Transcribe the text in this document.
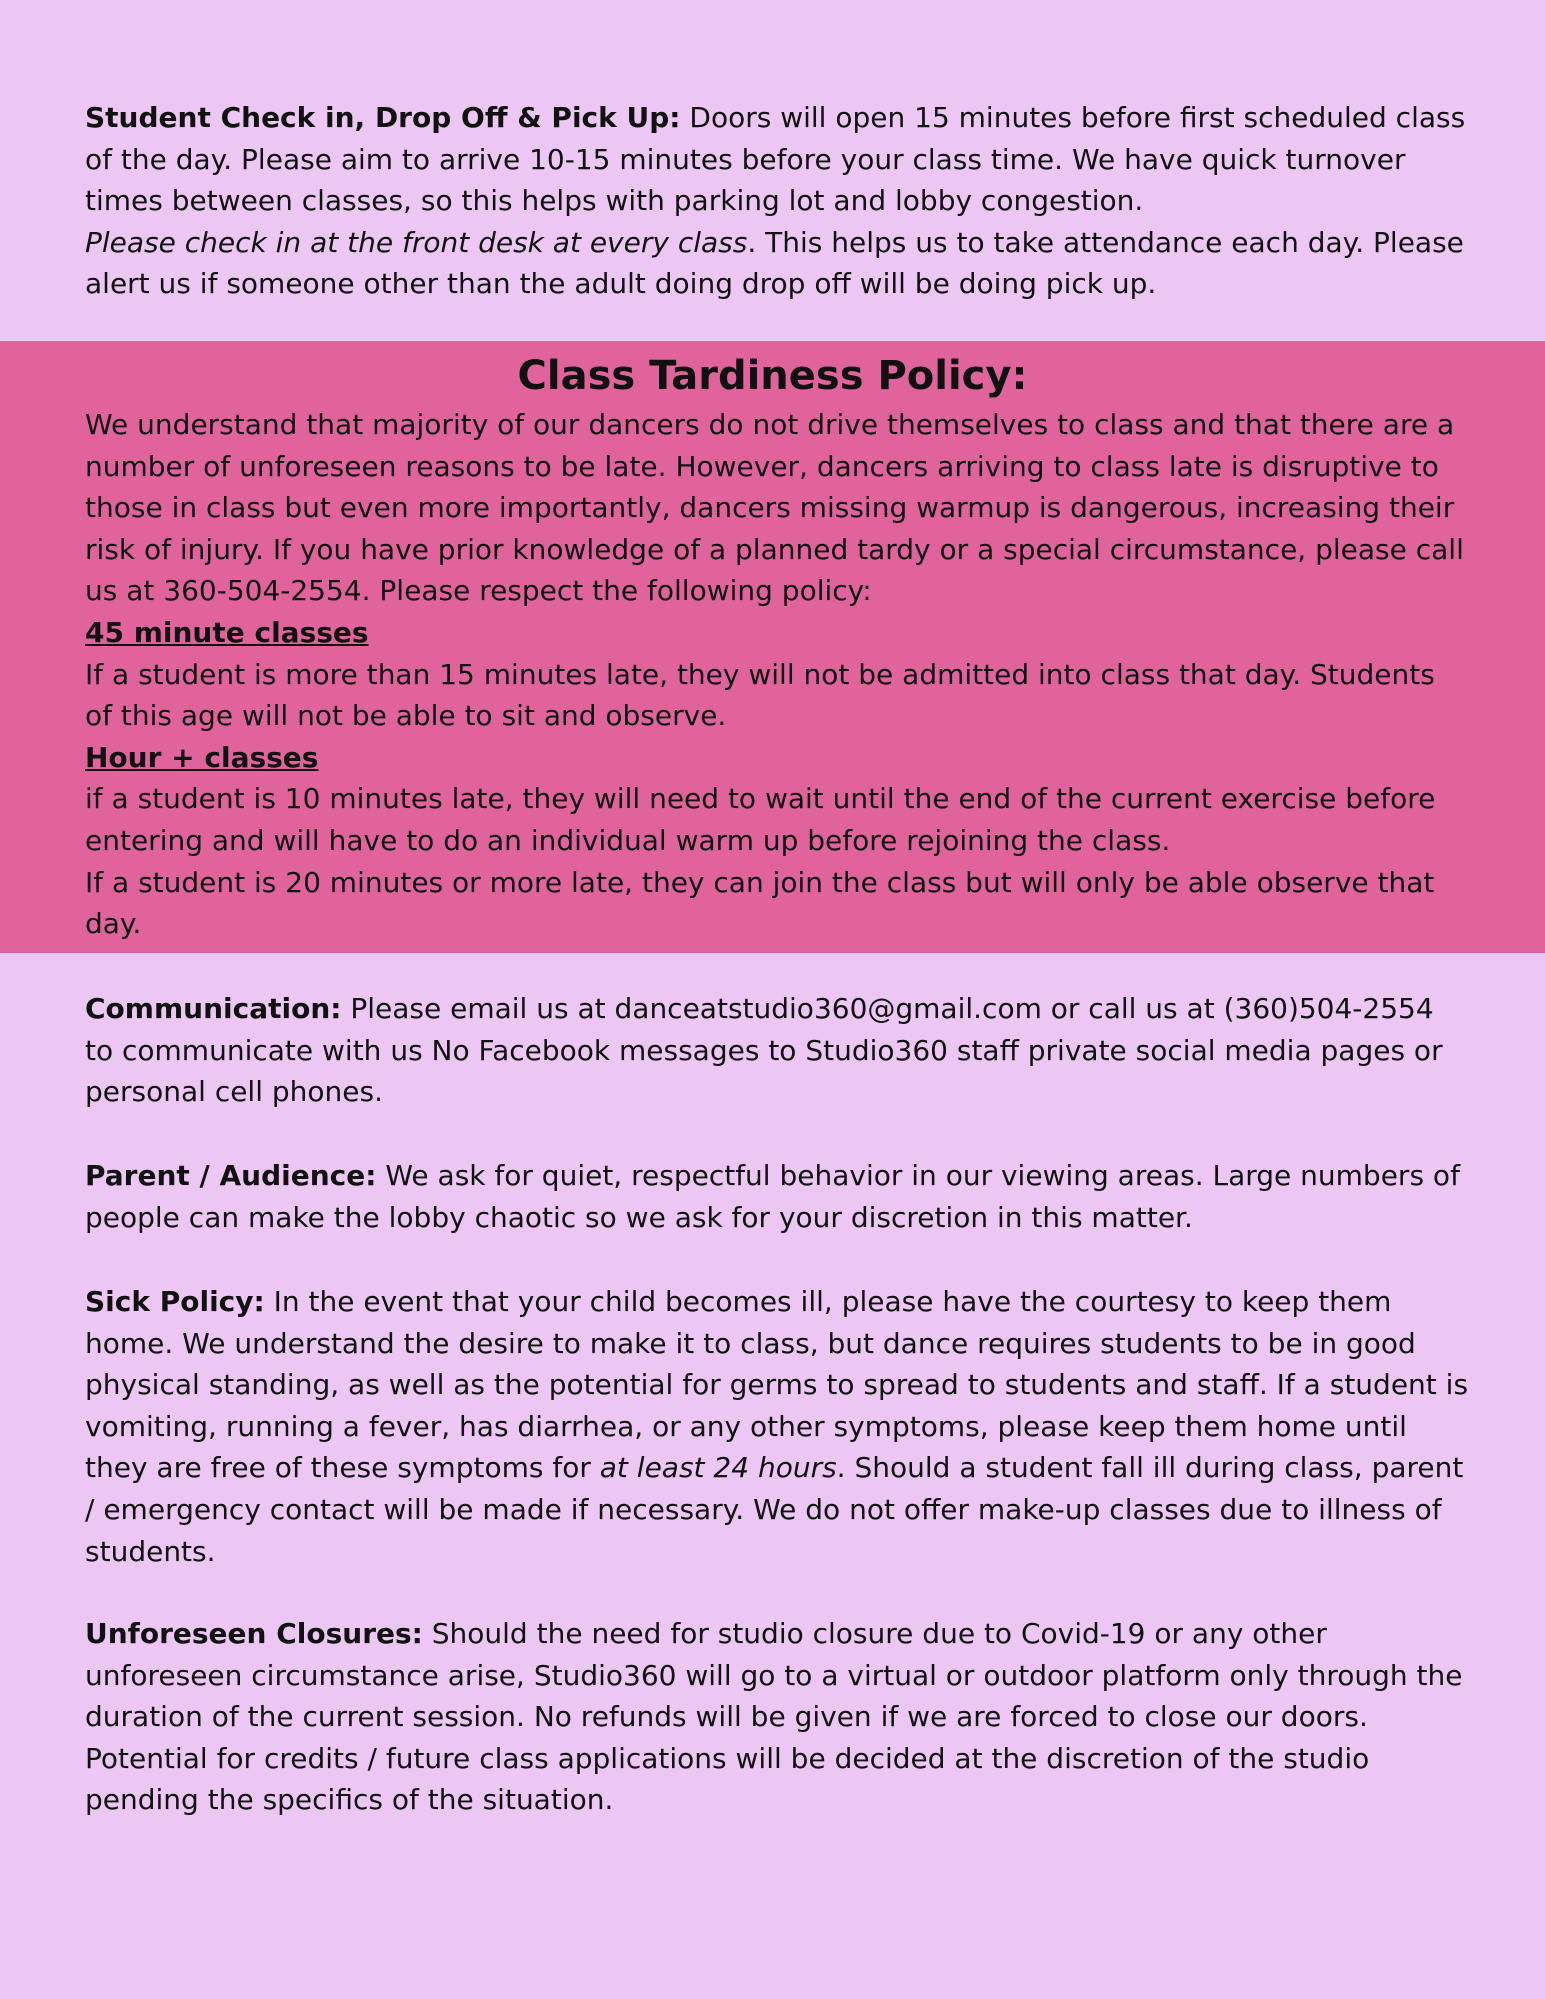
Student Check in, Drop Off & Pick Up: Doors will open 15 minutes before first scheduled class of the day. Please aim to arrive 10-15 minutes before your class time. We have quick turnover times between classes, so this helps with parking lot and lobby congestion.
Please check in at the front desk at every class. This helps us to take attendance each day. Please alert us if someone other than the adult doing drop off will be doing pick up.

Class Tardiness Policy:
We understand that majority of our dancers do not drive themselves to class and that there are a number of unforeseen reasons to be late. However, dancers arriving to class late is disruptive to those in class but even more importantly, dancers missing warmup is dangerous, increasing their risk of injury. If you have prior knowledge of a planned tardy or a special circumstance, please call us at 360-504-2554. Please respect the following policy:
45 minute classes
If a student is more than 15 minutes late, they will not be admitted into class that day. Students of this age will not be able to sit and observe.
Hour + classes
if a student is 10 minutes late, they will need to wait until the end of the current exercise before entering and will have to do an individual warm up before rejoining the class.
If a student is 20 minutes or more late, they can join the class but will only be able observe that day.

Communication: Please email us at danceatstudio360@gmail.com or call us at (360)504-2554 to communicate with us No Facebook messages to Studio360 staff private social media pages or personal cell phones.

Parent / Audience: We ask for quiet, respectful behavior in our viewing areas. Large numbers of people can make the lobby chaotic so we ask for your discretion in this matter.

Sick Policy: In the event that your child becomes ill, please have the courtesy to keep them home. We understand the desire to make it to class, but dance requires students to be in good physical standing, as well as the potential for germs to spread to students and staff. If a student is vomiting, running a fever, has diarrhea, or any other symptoms, please keep them home until they are free of these symptoms for at least 24 hours. Should a student fall ill during class, parent / emergency contact will be made if necessary. We do not offer make-up classes due to illness of students.

Unforeseen Closures: Should the need for studio closure due to Covid-19 or any other unforeseen circumstance arise, Studio360 will go to a virtual or outdoor platform only through the duration of the current session. No refunds will be given if we are forced to close our doors. Potential for credits / future class applications will be decided at the discretion of the studio pending the specifics of the situation.
